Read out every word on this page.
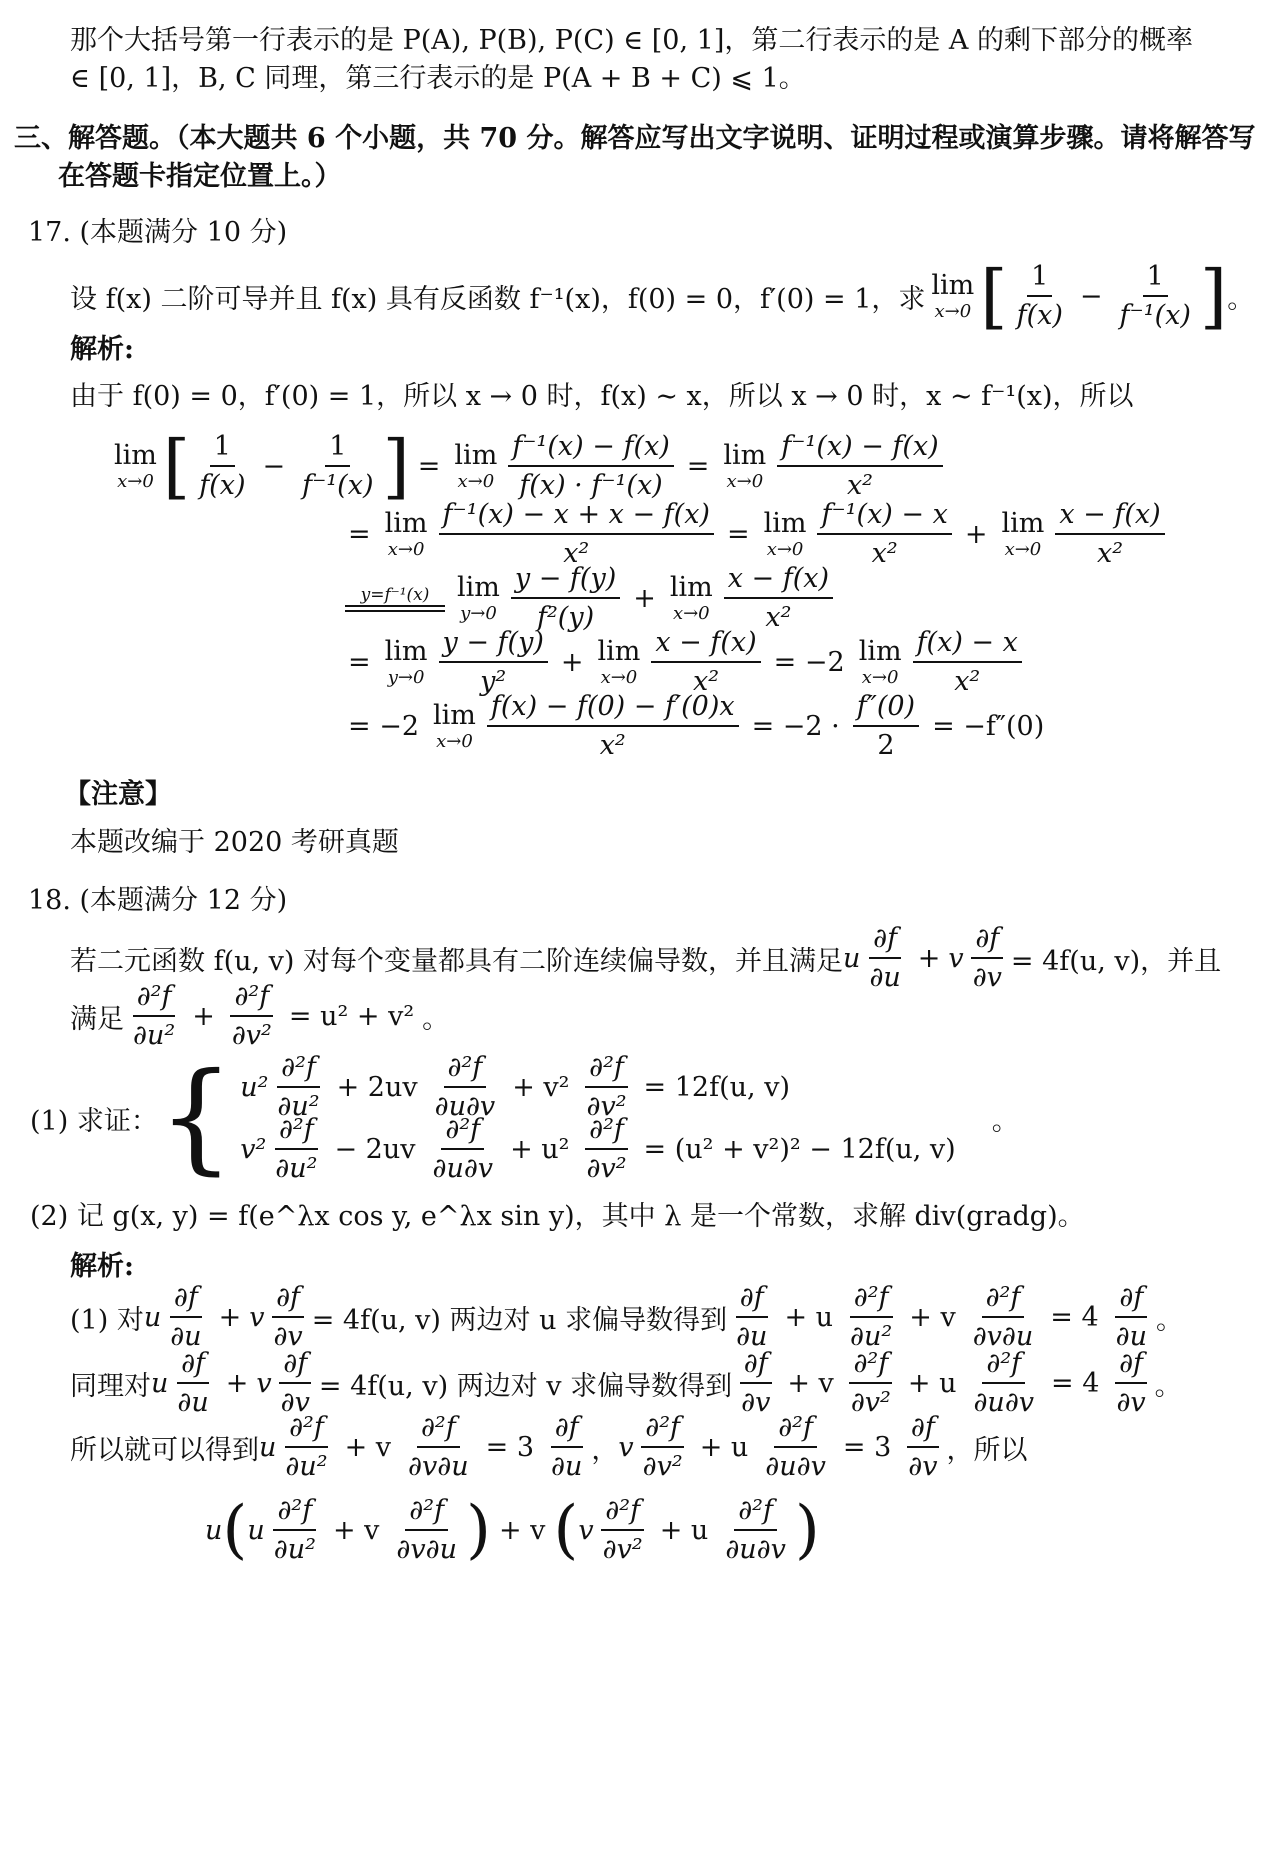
那个大括号第一行表示的是 P(A), P(B), P(C) ∈ [0, 1]，第二行表示的是 A 的剩下部分的概率
∈ [0, 1]，B, C 同理，第三行表示的是 P(A + B + C) ⩽ 1。
三、解答题。（本大题共 6 个小题，共 70 分。解答应写出文字说明、证明过程或演算步骤。请将解答写
在答题卡指定位置上。）
17. (本题满分 10 分)
设 f(x) 二阶可导并且 f(x) 具有反函数 f⁻¹(x)，f(0) = 0，f′(0) = 1，求 lim
x→0 [ $\frac{1}{f(x)} - \frac{1}{\text{f⁻¹(x)}}$ ] 。
解析:
由于 f(0) = 0，f′(0) = 1，所以 x → 0 时，f(x) ∼ x，所以 x → 0 时，x ∼ f⁻¹(x)，所以
lim
x→0 [ $\frac{1}{f(x)} - \frac{1}{\text{f⁻¹(x)}}$ ] = lim
$x\to 0 \frac{\text{f⁻¹(x) − f(x)}}{\text{f(x) · f⁻¹(x)}} = \lim$
$x\to 0 \frac{\text{f⁻¹(x) − f(x)}}{\text{x²}}$
= lim
$x\to 0 \frac{\text{f⁻¹(x) − x + x − f(x)}}{\text{x²}} = \lim$
$x\to 0 \frac{\text{f⁻¹(x) − x}}{\text{x²}} + \lim$
$x\to 0 \frac{x - f(x)}{\text{x²}}$
y=f⁻¹(x) lim
$y\to 0 \frac{y - f(y)}{\text{f²(y)}} + \lim$
$x\to 0 \frac{x - f(x)}{\text{x²}}$
= lim
$y\to 0 \frac{y - f(y)}{\text{y²}} + \lim$
$x\to 0 \frac{x - f(x)}{\text{x²}} = -2$ lim
$x\to 0 \frac{f(x) - x}{\text{x²}}$
= −2 lim
$x\to 0 \frac{f(x) - f(0) - f'(0)x}{\text{x²}} = -2 \cdot \frac{f''(0)}{2} = -f''(0)$
【注意】
本题改编于 2020 考研真题
18. (本题满分 12 分)
若二元函数 f(u, v) 对每个变量都具有二阶连续偏导数，并且满足 u $\frac{\partial f}{\partial u} + v \frac{\partial f}{\partial v} = 4f(u$, v)，并且
满足 $\frac{\text{∂²f}}{\text{∂u²}} + \frac{\text{∂²f}}{\text{∂v²}} = u^2 + v^2$ 。
(1) 求证： { $u^2 \frac{\text{∂²f}}{\text{∂u²}} + 2uv \frac{\text{∂²f}}{\partial u\partial v} + v^2 \frac{\text{∂²f}}{\text{∂v²}} = 12f(u$, v)
$v^2 \frac{\text{∂²f}}{\text{∂u²}} - 2uv \frac{\text{∂²f}}{\partial u\partial v} + u^2 \frac{\text{∂²f}}{\text{∂v²}} = (u^2 + v^2)^2 - 12f(u$, v)
。
(2) 记 g(x, y) = f(e^λx cos y, e^λx sin y)，其中 λ 是一个常数，求解 div(gradg)。
解析:
(1) 对 u $\frac{\partial f}{\partial u} + v \frac{\partial f}{\partial v} = 4f(u$, v) 两边对 u 求偏导数得到 $\frac{\partial f}{\partial u} + u \frac{\text{∂²f}}{\text{∂u²}} + v \frac{\text{∂²f}}{\partial v\partial u} = 4 \frac{\partial f}{\partial u}$ 。
同理对 u $\frac{\partial f}{\partial u} + v \frac{\partial f}{\partial v} = 4f(u$, v) 两边对 v 求偏导数得到 $\frac{\partial f}{\partial v} + v \frac{\text{∂²f}}{\text{∂v²}} + u \frac{\text{∂²f}}{\partial u\partial v} = 4 \frac{\partial f}{\partial v}$ 。
所以就可以得到 u $\frac{\text{∂²f}}{\text{∂u²}} + v \frac{\text{∂²f}}{\partial v\partial u} = 3 \frac{\partial f}{\partial u}$ ， v $\frac{\text{∂²f}}{\text{∂v²}} + u \frac{\text{∂²f}}{\partial u\partial v} = 3 \frac{\partial f}{\partial v}$ ，所以
u ( u $\frac{\text{∂²f}}{\text{∂u²}} + v \frac{\text{∂²f}}{\partial v\partial u}$ ) + v ( v $\frac{\text{∂²f}}{\text{∂v²}} + u \frac{\text{∂²f}}{\partial u\partial v}$ )
